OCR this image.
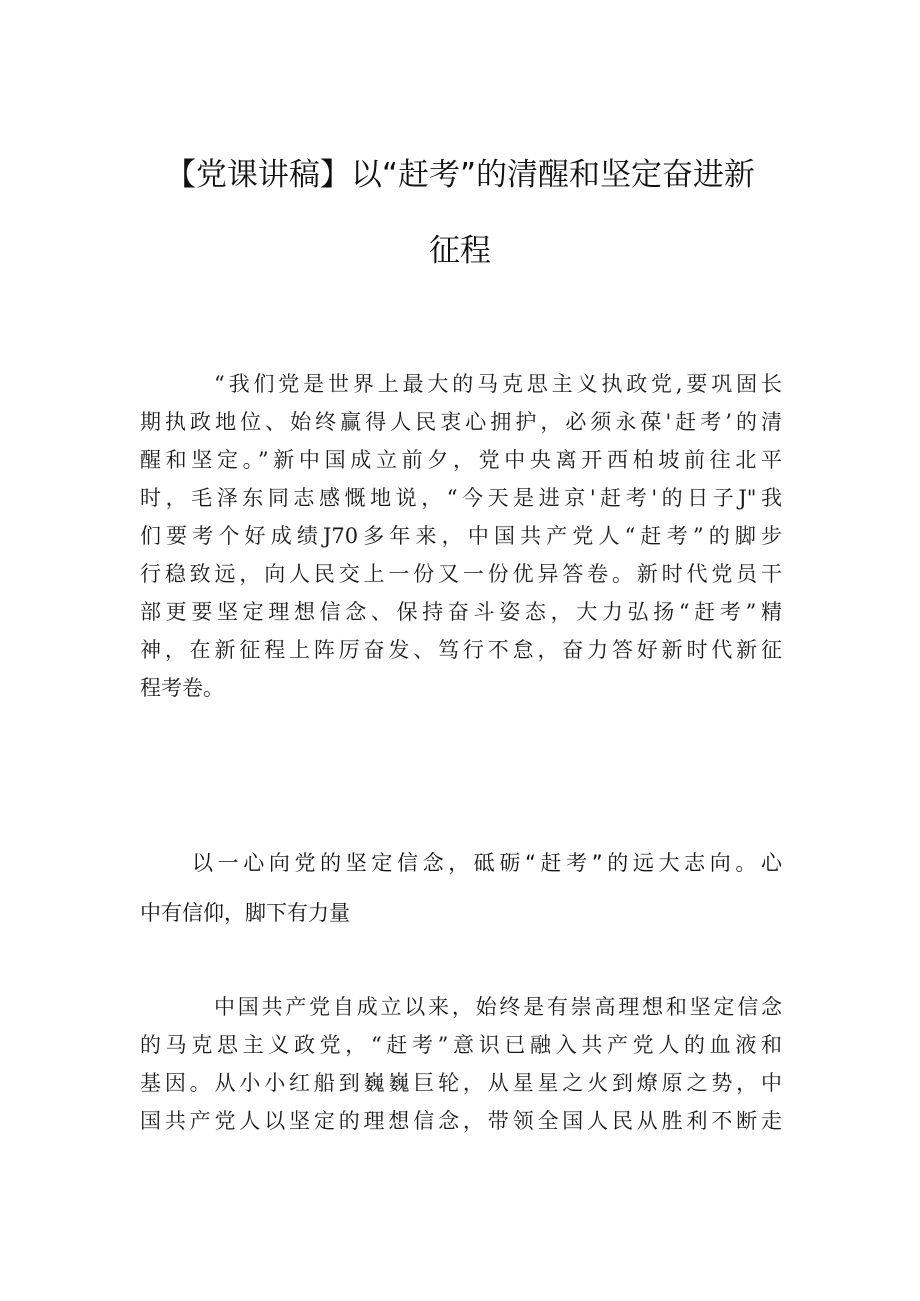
【党课讲稿】以“赶考”的清醒和坚定奋进新
征程
“我们党是世界上最大的马克思主义执政党,要巩固长
期执政地位、始终赢得人民衷心拥护，必须永葆'赶考’的清
醒和坚定。”新中国成立前夕，党中央离开西柏坡前往北平
时，毛泽东同志感慨地说，“今天是进京'赶考'的日子J"我
们要考个好成绩J70多年来，中国共产党人“赶考”的脚步
行稳致远，向人民交上一份又一份优异答卷。新时代党员干
部更要坚定理想信念、保持奋斗姿态，大力弘扬“赶考”精
神，在新征程上阵厉奋发、笃行不怠，奋力答好新时代新征
程考卷。
以一心向党的坚定信念，砥砺“赶考”的远大志向。心
中有信仰，脚下有力量
中国共产党自成立以来，始终是有崇高理想和坚定信念
的马克思主义政党，“赶考”意识已融入共产党人的血液和
基因。从小小红船到巍巍巨轮，从星星之火到燎原之势，中
国共产党人以坚定的理想信念，带领全国人民从胜利不断走
